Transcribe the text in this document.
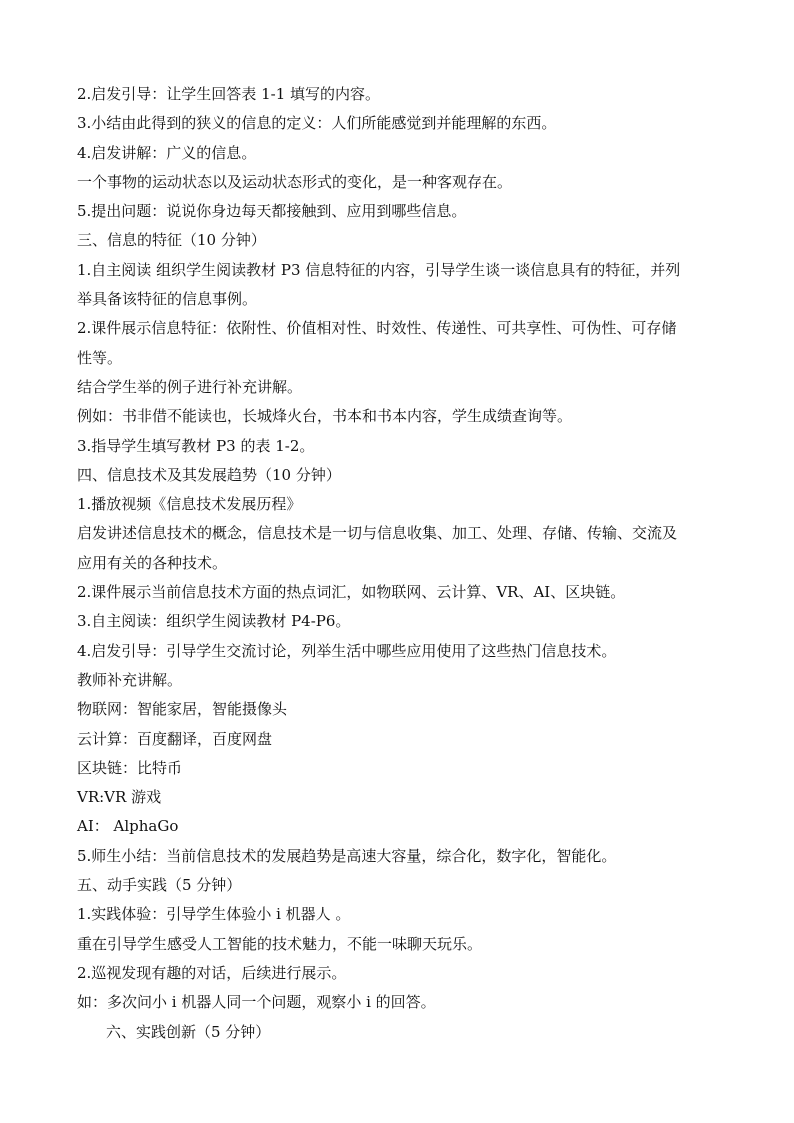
2.启发引导：让学生回答表 1-1 填写的内容。
3.小结由此得到的狭义的信息的定义：人们所能感觉到并能理解的东西。
4.启发讲解：广义的信息。
一个事物的运动状态以及运动状态形式的变化，是一种客观存在。
5.提出问题：说说你身边每天都接触到、应用到哪些信息。
三、信息的特征（10 分钟）
1.自主阅读 组织学生阅读教材 P3 信息特征的内容，引导学生谈一谈信息具有的特征，并列
举具备该特征的信息事例。
2.课件展示信息特征：依附性、价值相对性、时效性、传递性、可共享性、可伪性、可存储
性等。
结合学生举的例子进行补充讲解。
例如：书非借不能读也，长城烽火台，书本和书本内容，学生成绩查询等。
3.指导学生填写教材 P3 的表 1-2。
四、信息技术及其发展趋势（10 分钟）
1.播放视频《信息技术发展历程》
启发讲述信息技术的概念，信息技术是一切与信息收集、加工、处理、存储、传输、交流及
应用有关的各种技术。
2.课件展示当前信息技术方面的热点词汇，如物联网、云计算、VR、AI、区块链。
3.自主阅读：组织学生阅读教材 P4-P6。
4.启发引导：引导学生交流讨论，列举生活中哪些应用使用了这些热门信息技术。
教师补充讲解。
物联网：智能家居，智能摄像头
云计算：百度翻译，百度网盘
区块链：比特币
VR:VR 游戏
AI： AlphaGo
5.师生小结：当前信息技术的发展趋势是高速大容量，综合化，数字化，智能化。
五、动手实践（5 分钟）
1.实践体验：引导学生体验小 i 机器人 。
重在引导学生感受人工智能的技术魅力，不能一味聊天玩乐。
2.巡视发现有趣的对话，后续进行展示。
如：多次问小 i 机器人同一个问题，观察小 i 的回答。
六、实践创新（5 分钟）
